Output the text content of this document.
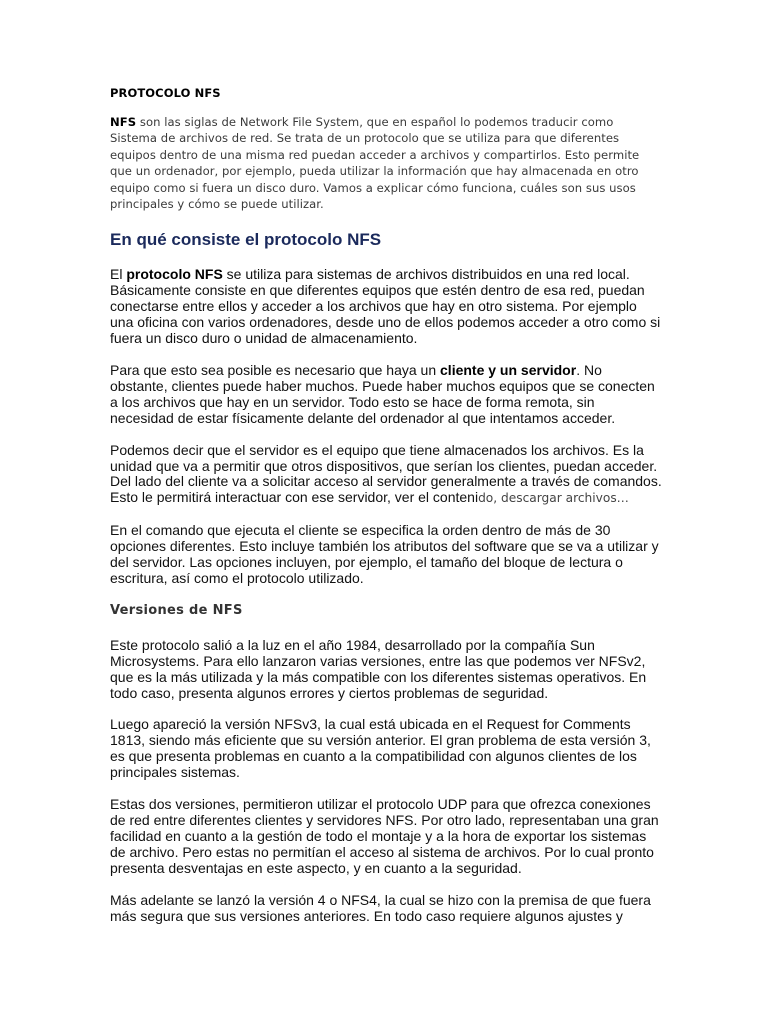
PROTOCOLO NFS

NFS son las siglas de Network File System, que en español lo podemos traducir como Sistema de archivos de red. Se trata de un protocolo que se utiliza para que diferentes equipos dentro de una misma red puedan acceder a archivos y compartirlos. Esto permite que un ordenador, por ejemplo, pueda utilizar la información que hay almacenada en otro equipo como si fuera un disco duro. Vamos a explicar cómo funciona, cuáles son sus usos principales y cómo se puede utilizar.

En qué consiste el protocolo NFS

El protocolo NFS se utiliza para sistemas de archivos distribuidos en una red local. Básicamente consiste en que diferentes equipos que estén dentro de esa red, puedan conectarse entre ellos y acceder a los archivos que hay en otro sistema. Por ejemplo una oficina con varios ordenadores, desde uno de ellos podemos acceder a otro como si fuera un disco duro o unidad de almacenamiento.

Para que esto sea posible es necesario que haya un cliente y un servidor. No obstante, clientes puede haber muchos. Puede haber muchos equipos que se conecten a los archivos que hay en un servidor. Todo esto se hace de forma remota, sin necesidad de estar físicamente delante del ordenador al que intentamos acceder.

Podemos decir que el servidor es el equipo que tiene almacenados los archivos. Es la unidad que va a permitir que otros dispositivos, que serían los clientes, puedan acceder. Del lado del cliente va a solicitar acceso al servidor generalmente a través de comandos. Esto le permitirá interactuar con ese servidor, ver el contenido, descargar archivos…

En el comando que ejecuta el cliente se especifica la orden dentro de más de 30 opciones diferentes. Esto incluye también los atributos del software que se va a utilizar y del servidor. Las opciones incluyen, por ejemplo, el tamaño del bloque de lectura o escritura, así como el protocolo utilizado.

Versiones de NFS

Este protocolo salió a la luz en el año 1984, desarrollado por la compañía Sun Microsystems. Para ello lanzaron varias versiones, entre las que podemos ver NFSv2, que es la más utilizada y la más compatible con los diferentes sistemas operativos. En todo caso, presenta algunos errores y ciertos problemas de seguridad.

Luego apareció la versión NFSv3, la cual está ubicada en el Request for Comments 1813, siendo más eficiente que su versión anterior. El gran problema de esta versión 3, es que presenta problemas en cuanto a la compatibilidad con algunos clientes de los principales sistemas.

Estas dos versiones, permitieron utilizar el protocolo UDP para que ofrezca conexiones de red entre diferentes clientes y servidores NFS. Por otro lado, representaban una gran facilidad en cuanto a la gestión de todo el montaje y a la hora de exportar los sistemas de archivo. Pero estas no permitían el acceso al sistema de archivos. Por lo cual pronto presenta desventajas en este aspecto, y en cuanto a la seguridad.

Más adelante se lanzó la versión 4 o NFS4, la cual se hizo con la premisa de que fuera más segura que sus versiones anteriores. En todo caso requiere algunos ajustes y
